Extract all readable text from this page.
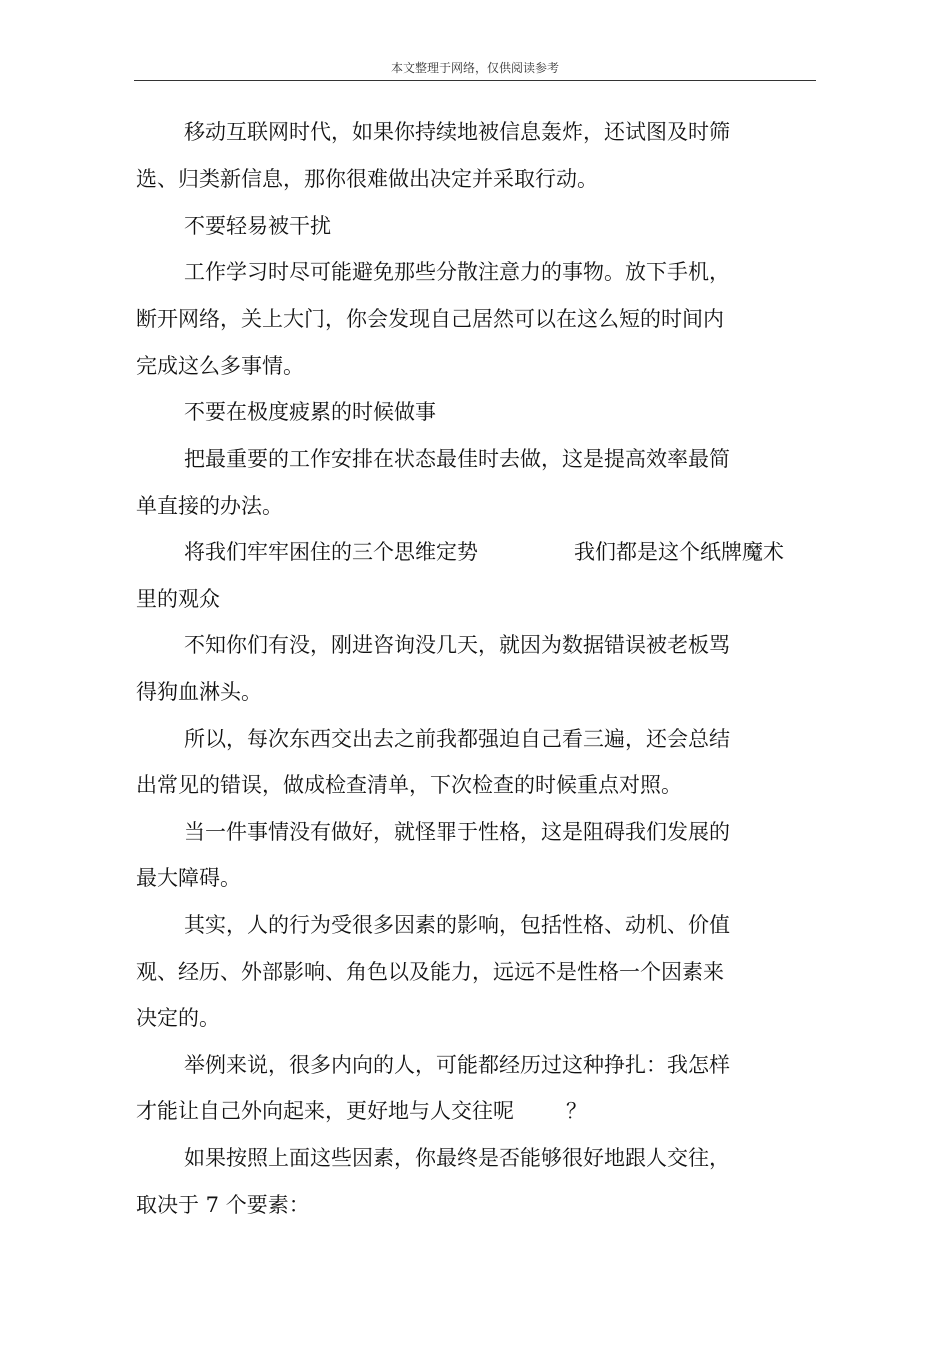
本文整理于网络，仅供阅读参考
移动互联网时代，如果你持续地被信息轰炸，还试图及时筛
选、归类新信息，那你很难做出决定并采取行动。
不要轻易被干扰
工作学习时尽可能避免那些分散注意力的事物。放下手机，
断开网络，关上大门，你会发现自己居然可以在这么短的时间内
完成这么多事情。
不要在极度疲累的时候做事
把最重要的工作安排在状态最佳时去做，这是提高效率最简
单直接的办法。
将我们牢牢困住的三个思维定势	我们都是这个纸牌魔术
里的观众
不知你们有没，刚进咨询没几天，就因为数据错误被老板骂
得狗血淋头。
所以，每次东西交出去之前我都强迫自己看三遍，还会总结
出常见的错误，做成检查清单，下次检查的时候重点对照。
当一件事情没有做好，就怪罪于性格，这是阻碍我们发展的
最大障碍。
其实，人的行为受很多因素的影响，包括性格、动机、价值
观、经历、外部影响、角色以及能力，远远不是性格一个因素来
决定的。
举例来说，很多内向的人，可能都经历过这种挣扎：我怎样
才能让自己外向起来，更好地与人交往呢 ？
如果按照上面这些因素，你最终是否能够很好地跟人交往，
取决于 7 个要素：
